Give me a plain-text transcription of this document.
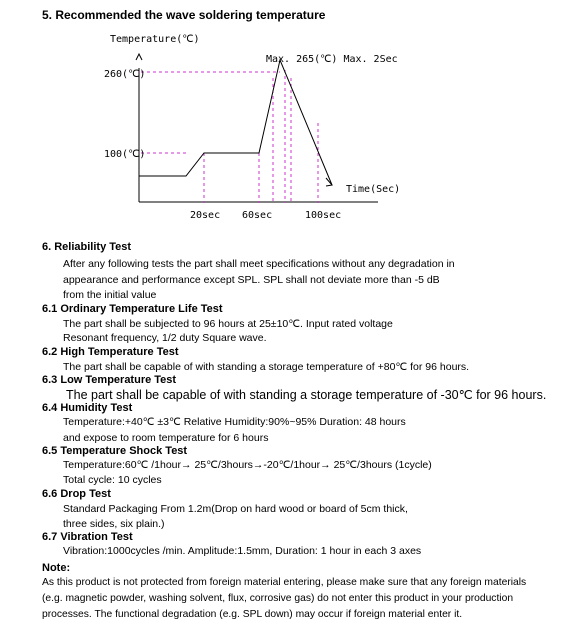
5. Recommended the wave soldering temperature
Temperature(℃)
Max. 265(℃) Max. 2Sec
260(℃)
100(℃)
Time(Sec)
20sec 60sec	100sec
6. Reliability Test
After any following tests the part shall meet specifications without any degradation in
appearance and performance except SPL. SPL shall not deviate more than -5 dB
from the initial value
6.1 Ordinary Temperature Life Test
The part shall be subjected to 96 hours at 25±10℃. Input rated voltage
Resonant frequency, 1/2 duty Square wave.
6.2 High Temperature Test
The part shall be capable of with standing a storage temperature of +80℃ for 96 hours.
6.3 Low Temperature Test
The part shall be capable of with standing a storage temperature of -30℃ for 96 hours.
6.4 Humidity Test
Temperature:+40℃ ±3℃ Relative Humidity:90%~95% Duration: 48 hours
and expose to room temperature for 6 hours
6.5 Temperature Shock Test
Temperature:60℃ /1hour→ 25℃/3hours→-20℃/1hour→ 25℃/3hours (1cycle)
Total cycle: 10 cycles
6.6 Drop Test
Standard Packaging From 1.2m(Drop on hard wood or board of 5cm thick,
three sides, six plain.)
6.7 Vibration Test
Vibration:1000cycles /min. Amplitude:1.5mm, Duration: 1 hour in each 3 axes
Note:
As this product is not protected from foreign material entering, please make sure that any foreign materials
(e.g. magnetic powder, washing solvent, flux, corrosive gas) do not enter this product in your production
processes. The functional degradation (e.g. SPL down) may occur if foreign material enter it.
